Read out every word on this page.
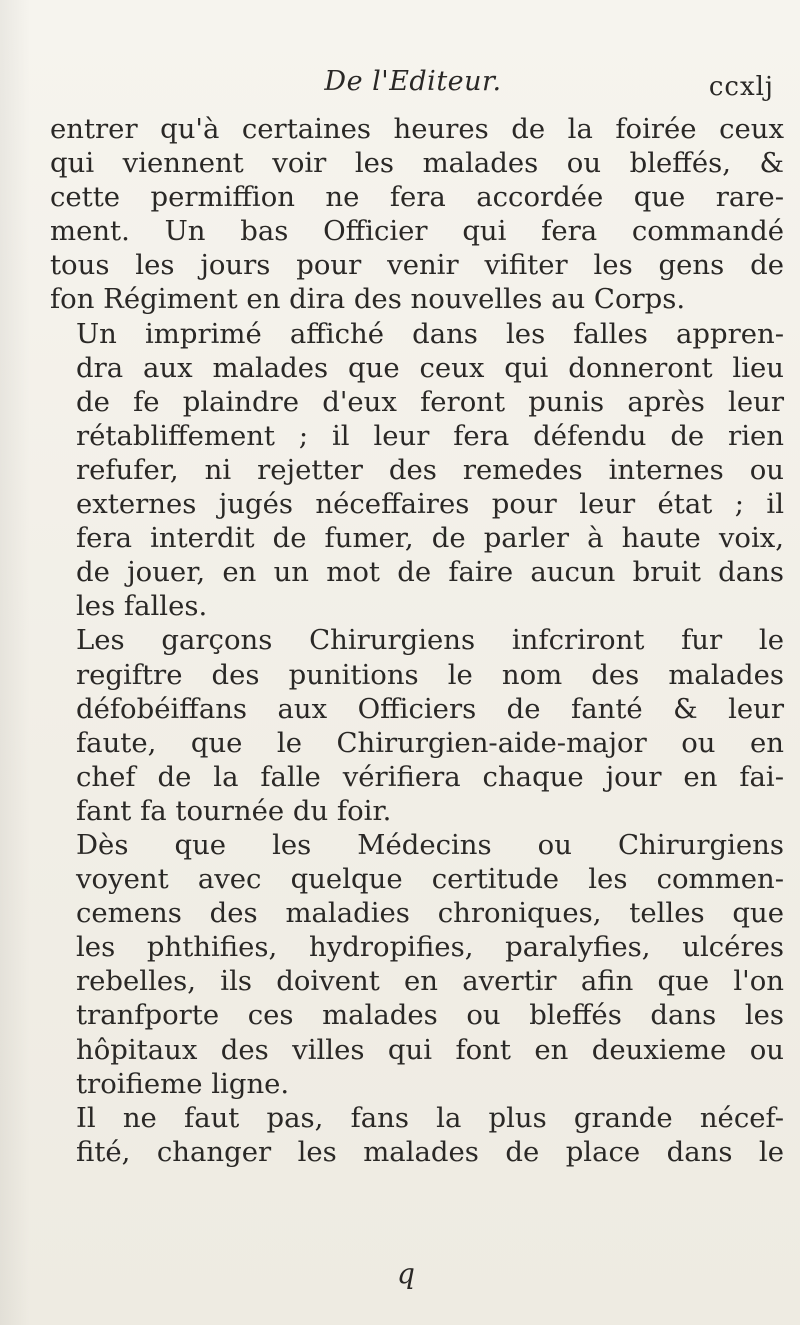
De l'Editeur.	ccxlj

entrer qu'à certaines heures de la foirée ceux
qui viennent voir les malades ou bleffés, &
cette permiffion ne fera accordée que rare-
ment. Un bas Officier qui fera commandé
tous les jours pour venir vifiter les gens de
fon Régiment en dira des nouvelles au Corps.

Un imprimé affiché dans les falles appren-
dra aux malades que ceux qui donneront lieu
de fe plaindre d'eux feront punis après leur
rétabliffement ; il leur fera défendu de rien
refufer, ni rejetter des remedes internes ou
externes jugés néceffaires pour leur état ; il
fera interdit de fumer, de parler à haute voix,
de jouer, en un mot de faire aucun bruit dans
les falles.

Les garçons Chirurgiens infcriront fur le
regiftre des punitions le nom des malades
défobéiffans aux Officiers de fanté & leur
faute, que le Chirurgien-aide-major ou en
chef de la falle vérifiera chaque jour en fai-
fant fa tournée du foir.

Dès que les Médecins ou Chirurgiens
voyent avec quelque certitude les commen-
cemens des maladies chroniques, telles que
les phthifies, hydropifies, paralyfies, ulcéres
rebelles, ils doivent en avertir afin que l'on
tranfporte ces malades ou bleffés dans les
hôpitaux des villes qui font en deuxieme ou
troifieme ligne.

Il ne faut pas, fans la plus grande nécef-
fité, changer les malades de place dans le

q
